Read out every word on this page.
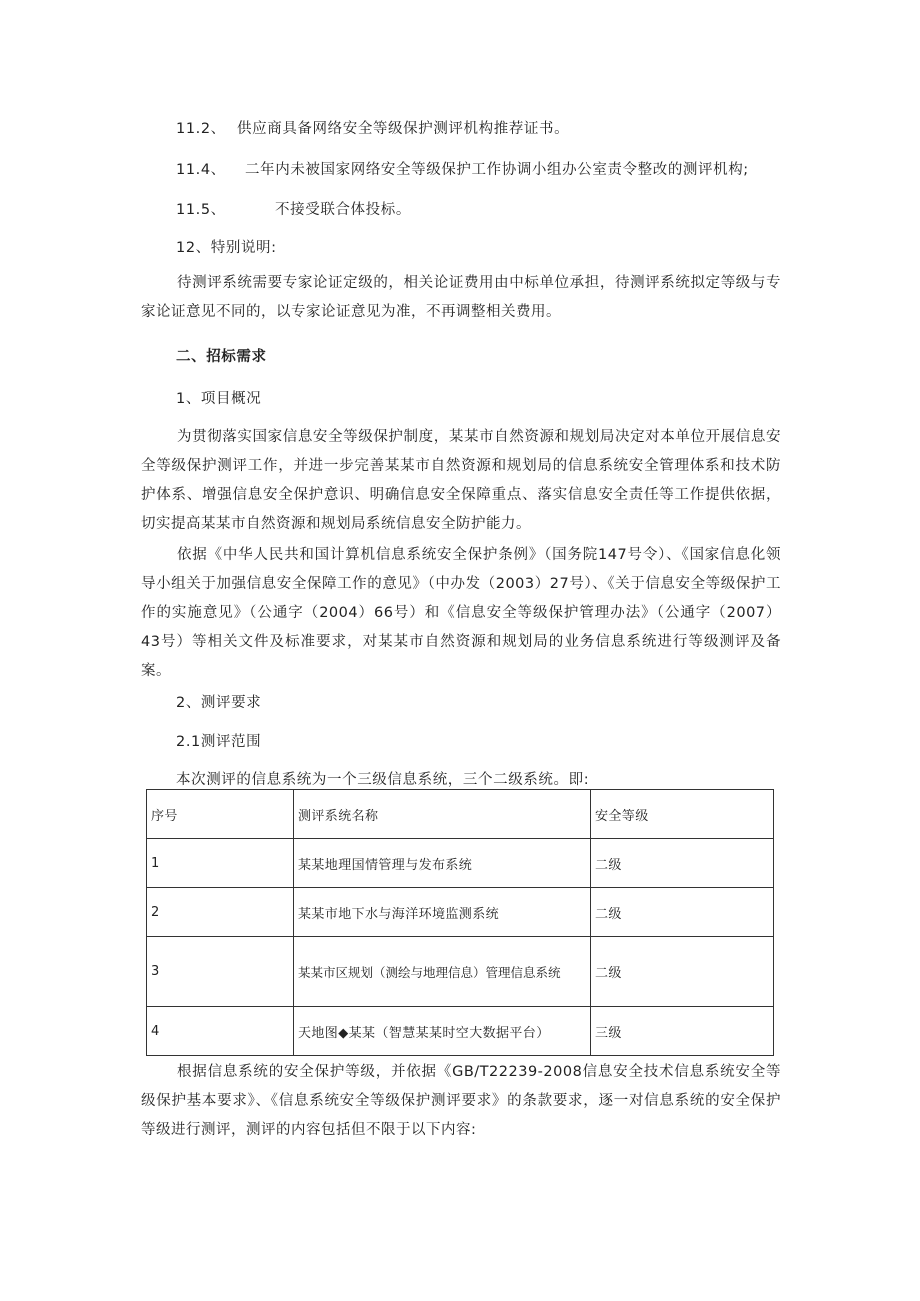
11.2、 供应商具备网络安全等级保护测评机构推荐证书。
11.4、 二年内未被国家网络安全等级保护工作协调小组办公室责令整改的测评机构;
11.5、	不接受联合体投标。
12、特别说明:
待测评系统需要专家论证定级的，相关论证费用由中标单位承担，待测评系统拟定等级与专家论证意见不同的，以专家论证意见为准，不再调整相关费用。
二、招标需求
1、项目概况
为贯彻落实国家信息安全等级保护制度，某某市自然资源和规划局决定对本单位开展信息安全等级保护测评工作，并进一步完善某某市自然资源和规划局的信息系统安全管理体系和技术防护体系、增强信息安全保护意识、明确信息安全保障重点、落实信息安全责任等工作提供依据，切实提高某某市自然资源和规划局系统信息安全防护能力。
依据《中华人民共和国计算机信息系统安全保护条例》（国务院147号令）、《国家信息化领导小组关于加强信息安全保障工作的意见》（中办发（2003）27号）、《关于信息安全等级保护工作的实施意见》（公通字（2004）66号）和《信息安全等级保护管理办法》（公通字（2007）43号）等相关文件及标准要求，对某某市自然资源和规划局的业务信息系统进行等级测评及备案。
2、测评要求
2.1测评范围
本次测评的信息系统为一个三级信息系统，三个二级系统。即:
序号	测评系统名称	安全等级
1	某某地理国情管理与发布系统	二级
2	某某市地下水与海洋环境监测系统	二级
3	某某市区规划（测绘与地理信息）管理信息系统	二级
4	天地图◆某某（智慧某某时空大数据平台）	三级
根据信息系统的安全保护等级，并依据《GB/T22239-2008信息安全技术信息系统安全等级保护基本要求》、《信息系统安全等级保护测评要求》的条款要求，逐一对信息系统的安全保护等级进行测评，测评的内容包括但不限于以下内容:
